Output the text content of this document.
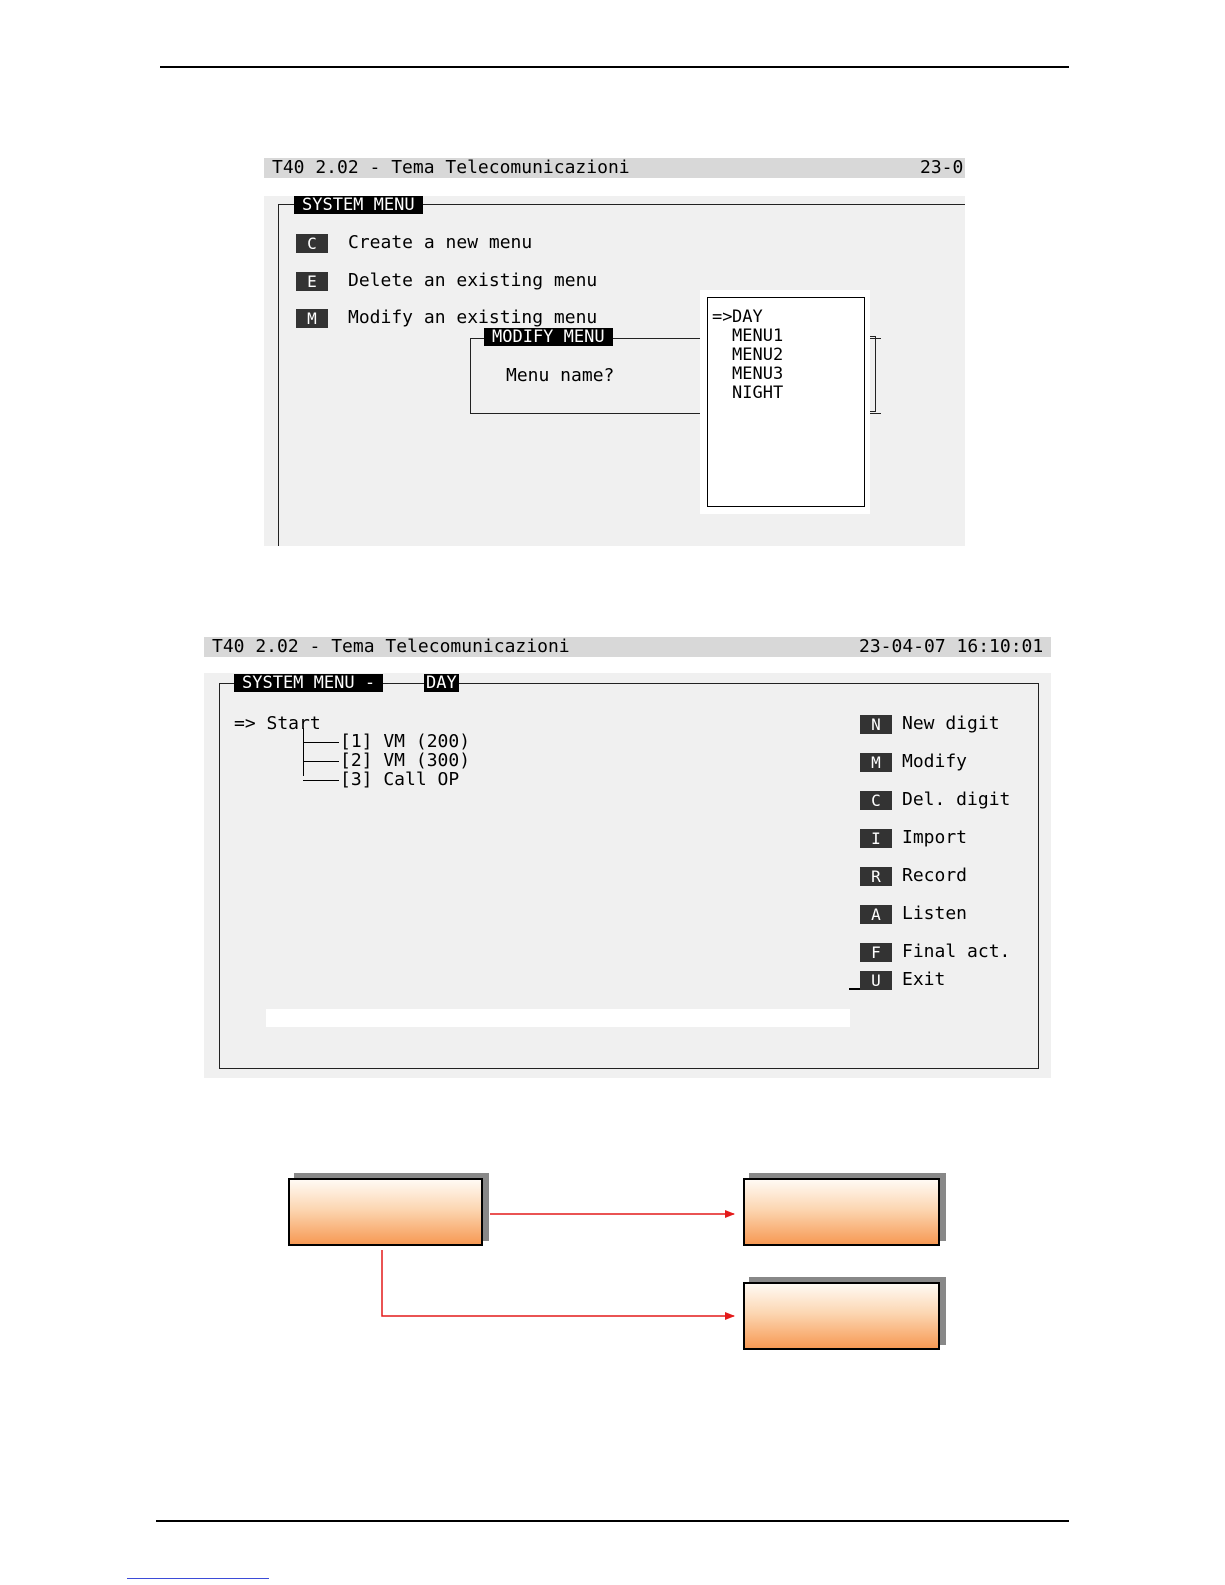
T40 2.02 - Tema Telecomunicazioni

	23-0

SYSTEM MENU
C	Create a new menu
E	Delete an existing menu
M	Modify an existing menu
MODIFY MENU
Menu name?
=> DAY
MENU1
MENU2
MENU3
NIGHT

T40 2.02 - Tema Telecomunicazioni

	23-04-07 16:10:01

SYSTEM MENU -	DAY
=> Start
[1] VM (200)
[2] VM (300)
[3] Call OP
N	New digit
M	Modify
C	Del. digit
I	Import
R	Record
A	Listen
F	Final act.
U	Exit
